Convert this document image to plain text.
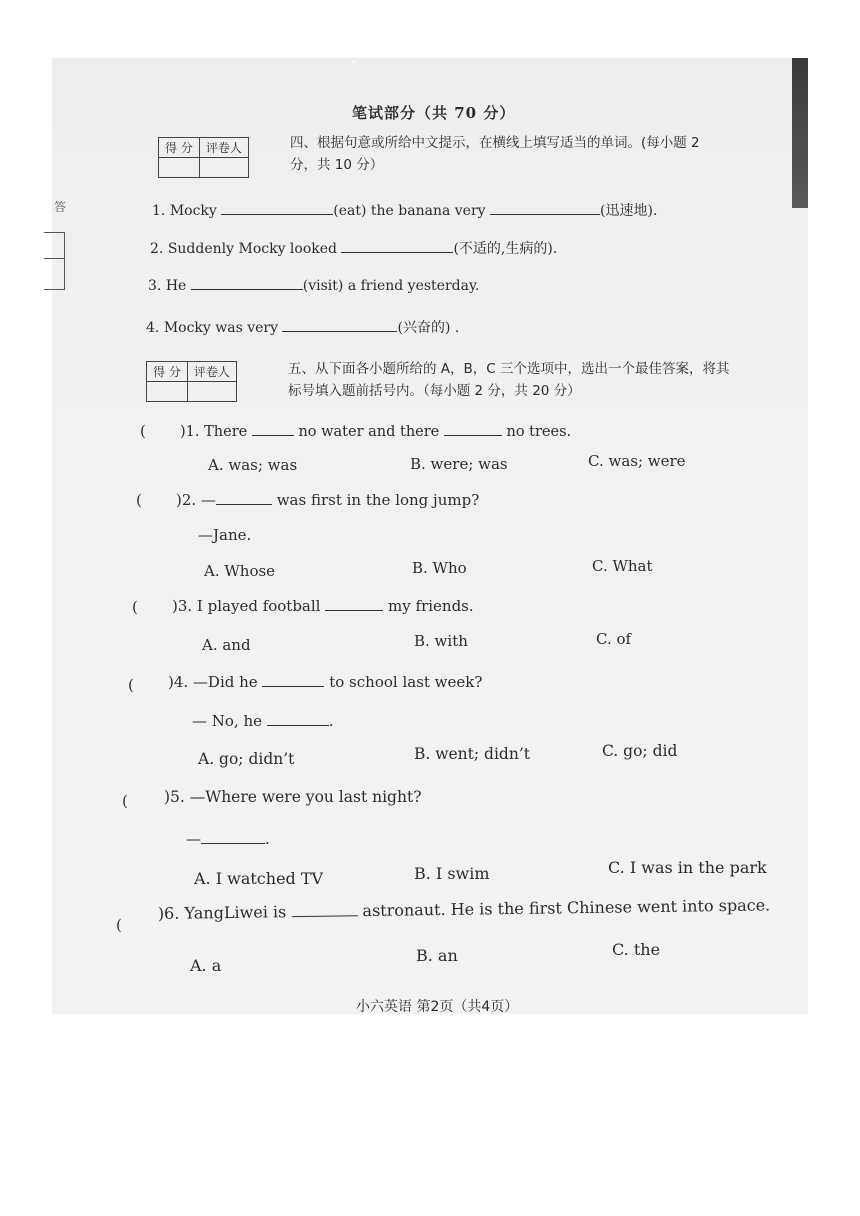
答
笔试部分（共 70 分）
得 分	评卷人
		四、根据句意或所给中文提示，在横线上填写适当的单词。(每小题 2 分，共 10 分）
1. Mocky	(eat) the banana very	(迅速地).
2. Suddenly Mocky looked	(不适的,生病的).
3. He	(visit) a friend yesterday.
4. Mocky was very	(兴奋的) .
得 分	评卷人
		五、从下面各小题所给的 A，B，C 三个选项中，选出一个最佳答案，将其标号填入题前括号内。（每小题 2 分，共 20 分）
( )1. There	no water and there	no trees.
A. was; was	B. were; was	C. was; were
( )2. —	was first in the long jump?
—Jane.
A. Whose	B. Who	C. What
( )3. I played football	my friends.
A. and	B. with	C. of
( )4. —Did he	to school last week?
— No, he	.
A. go; didn’t	B. went; didn’t	C. go; did
( )5. —Where were you last night?
—	.
A. I watched TV	B. I swim	C. I was in the park
(
)6. YangLiwei is	astronaut. He is the first Chinese went into space.
A. a
B. an	C. the
小六英语 第2页（共4页）
